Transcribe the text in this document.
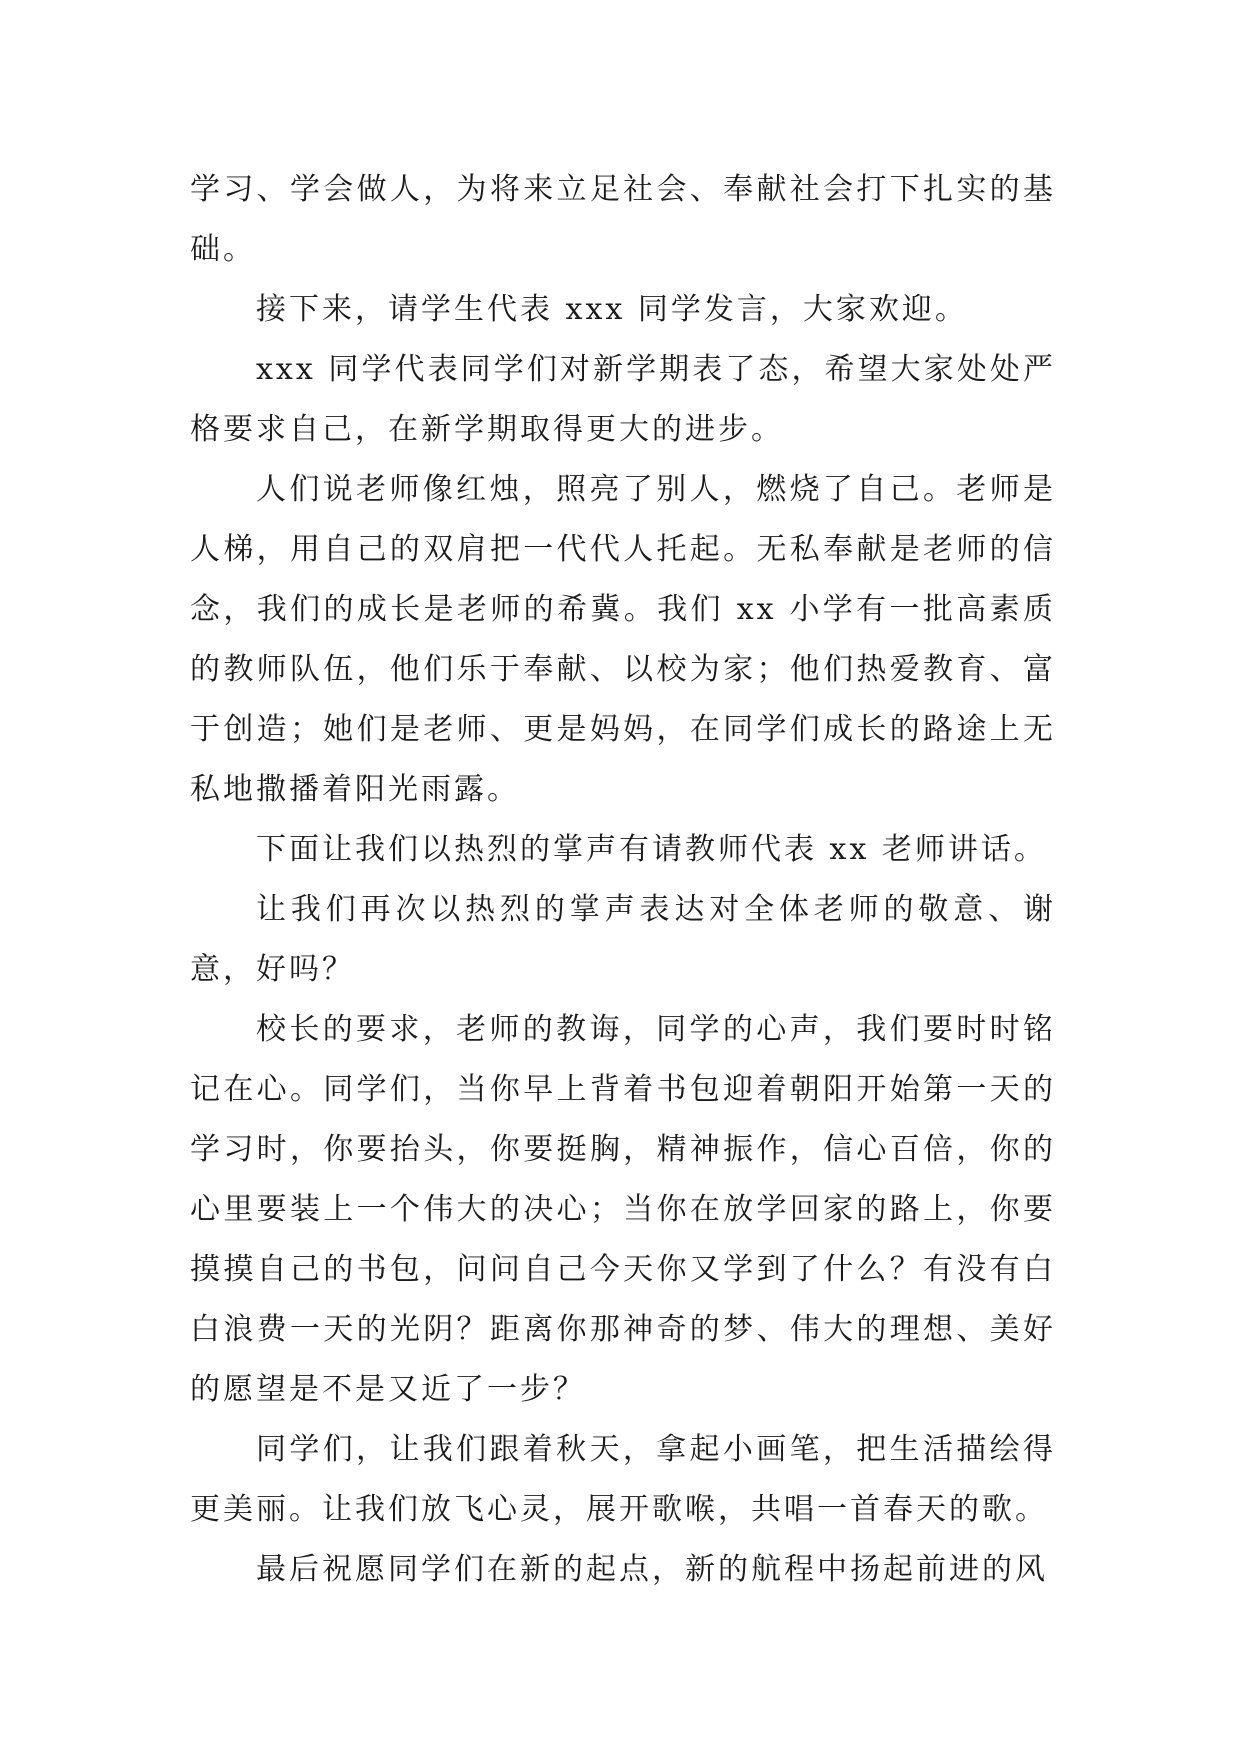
学习、学会做人，为将来立足社会、奉献社会打下扎实的基础。

接下来，请学生代表 xxx 同学发言，大家欢迎。

xxx 同学代表同学们对新学期表了态，希望大家处处严格要求自己，在新学期取得更大的进步。

人们说老师像红烛，照亮了别人，燃烧了自己。老师是人梯，用自己的双肩把一代代人托起。无私奉献是老师的信念，我们的成长是老师的希冀。我们 xx 小学有一批高素质的教师队伍，他们乐于奉献、以校为家；他们热爱教育、富于创造；她们是老师、更是妈妈，在同学们成长的路途上无私地撒播着阳光雨露。

下面让我们以热烈的掌声有请教师代表 xx 老师讲话。

让我们再次以热烈的掌声表达对全体老师的敬意、谢意，好吗？

校长的要求，老师的教诲，同学的心声，我们要时时铭记在心。同学们，当你早上背着书包迎着朝阳开始第一天的学习时，你要抬头，你要挺胸，精神振作，信心百倍，你的心里要装上一个伟大的决心；当你在放学回家的路上，你要摸摸自己的书包，问问自己今天你又学到了什么？有没有白白浪费一天的光阴？距离你那神奇的梦、伟大的理想、美好的愿望是不是又近了一步？

同学们，让我们跟着秋天，拿起小画笔，把生活描绘得更美丽。让我们放飞心灵，展开歌喉，共唱一首春天的歌。

最后祝愿同学们在新的起点，新的航程中扬起前进的风
